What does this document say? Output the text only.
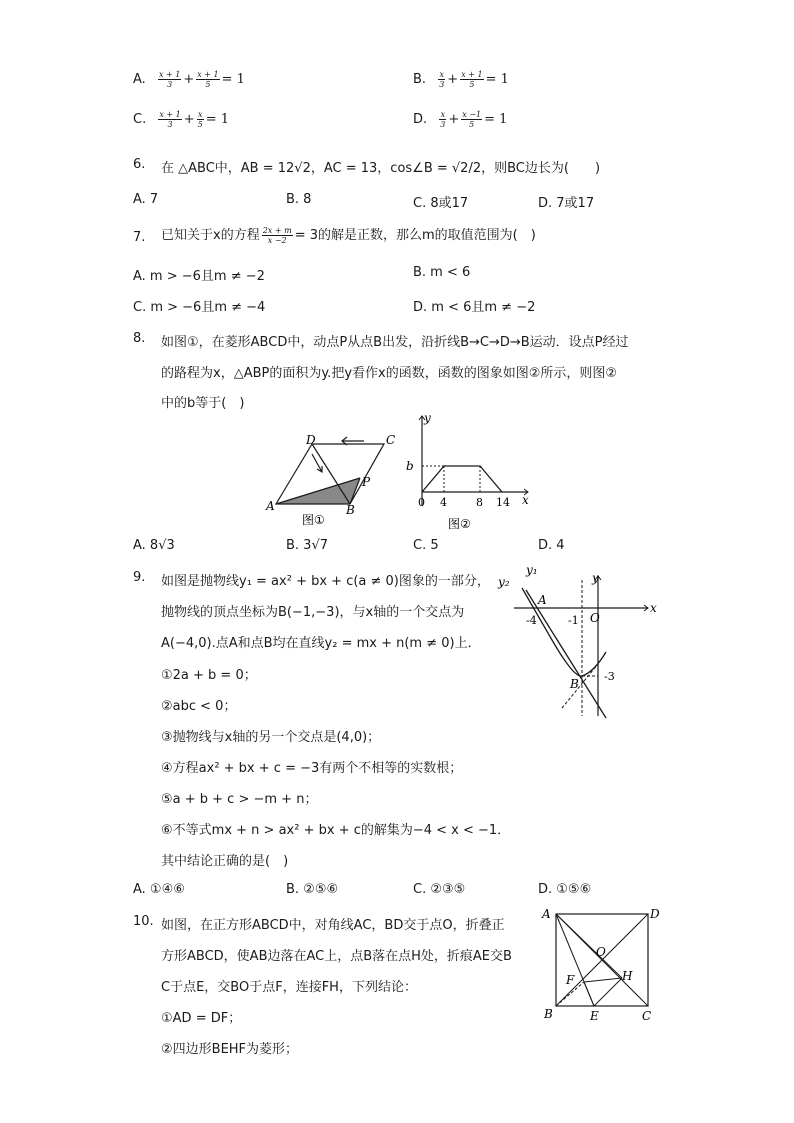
A. $\frac{x + 1}{3} + \frac{x + 1}{5} = 1$	B. $\frac{x}{3} + \frac{x + 1}{5} = 1$
C. $\frac{x + 1}{3} + \frac{x}{5} = 1$	D. $\frac{x}{3} + \frac{x -1}{5} = 1$
6. 在 △ABC中，AB = 12√2，AC = 13，cos∠B = √2/2，则BC边长为(　　)
A. 7	B. 8	C. 8或17	D. 7或17
7. 已知关于x的方程 $\frac{2x + m}{x -2} = 3$的解是正数，那么m的取值范围为(　)
A. m > −6且m ≠ −2	B. m < 6
C. m > −6且m ≠ −4	D. m < 6且m ≠ −2
8. 如图①，在菱形ABCD中，动点P从点B出发，沿折线B→C→D→B运动．设点P经过
的路程为x，△ABP的面积为y.把y看作x的函数，函数的图象如图②所示，则图②
中的b等于(　)
D	C
A	B
P
图①
y
x
b
0 4	8 14
图②
A. 8√3	B. 3√7	C. 5	D. 4
9. 如图是抛物线y₁ = ax² + bx + c(a ≠ 0)图象的一部分，
抛物线的顶点坐标为B(−1,−3)，与x轴的一个交点为
A(−4,0).点A和点B均在直线y₂ = mx + n(m ≠ 0)上．
①2a + b = 0；
②abc < 0；
③抛物线与x轴的另一个交点是(4,0)；
④方程ax² + bx + c = −3有两个不相等的实数根；
⑤a + b + c > −m + n；
⑥不等式mx + n > ax² + bx + c的解集为−4 < x < −1．
其中结论正确的是(　)
y₁
y₂	y
x
A
-4	-1 O
B
-3
A. ①④⑥	B. ②⑤⑥	C. ②③⑤	D. ①⑤⑥
10. 如图，在正方形ABCD中，对角线AC，BD交于点O，折叠正
方形ABCD，使AB边落在AC上，点B落在点H处，折痕AE交B
C于点E，交BO于点F，连接FH，下列结论：
①AD = DF；
②四边形BEHF为菱形；
A	D
O
F	H
B	E	C
